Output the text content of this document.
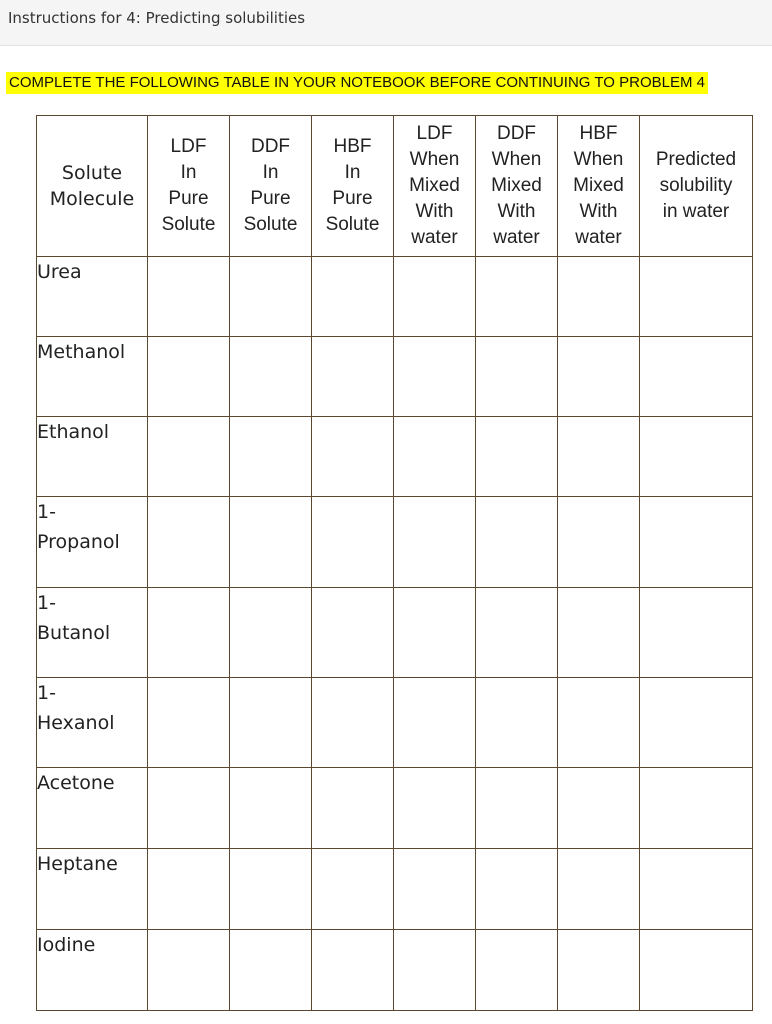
Instructions for 4: Predicting solubilities
COMPLETE THE FOLLOWING TABLE IN YOUR NOTEBOOK BEFORE CONTINUING TO PROBLEM 4
Solute
Molecule	LDF
In
Pure
Solute	DDF
In
Pure
Solute	HBF
In
Pure
Solute	LDF
When
Mixed
With
water	DDF
When
Mixed
With
water	HBF
When
Mixed
With
water	Predicted
solubility
in water

Urea							

Methanol							

Ethanol							

1-
Propanol							

1-
Butanol							

1-
Hexanol							

Acetone							

Heptane							

Iodine							
